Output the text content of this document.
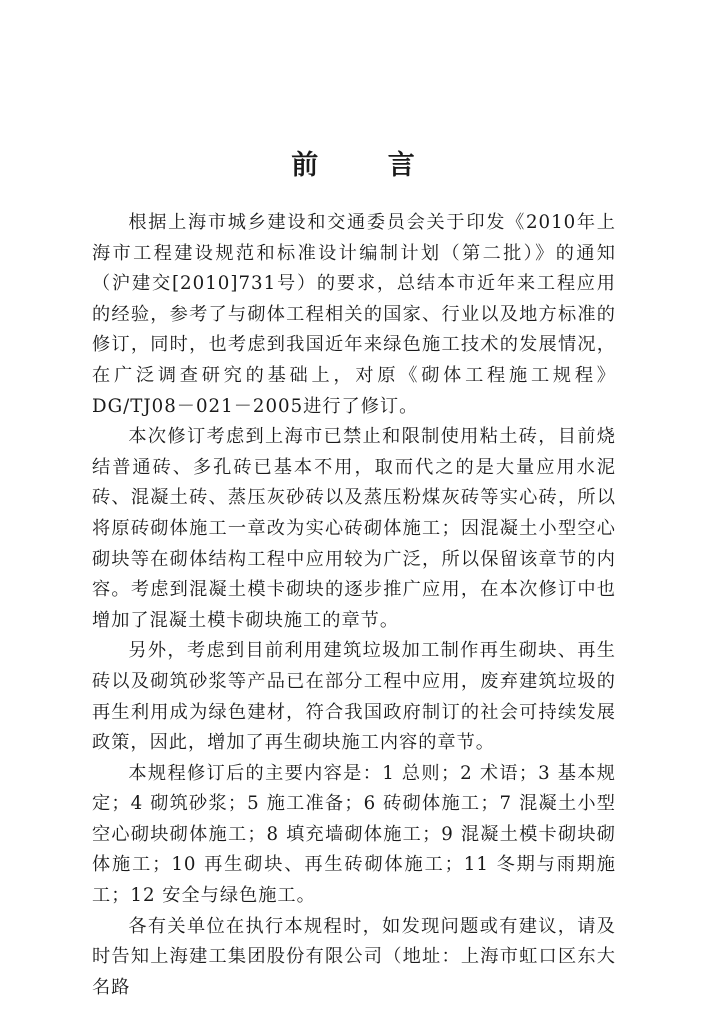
前 言

根据上海市城乡建设和交通委员会关于印发《2010年上海市工程建设规范和标准设计编制计划（第二批）》的通知（沪建交[2010]731号）的要求，总结本市近年来工程应用的经验，参考了与砌体工程相关的国家、行业以及地方标准的修订，同时，也考虑到我国近年来绿色施工技术的发展情况，在广泛调查研究的基础上，对原《砌体工程施工规程》DG/TJ08－021－2005进行了修订。

本次修订考虑到上海市已禁止和限制使用粘土砖，目前烧结普通砖、多孔砖已基本不用，取而代之的是大量应用水泥砖、混凝土砖、蒸压灰砂砖以及蒸压粉煤灰砖等实心砖，所以将原砖砌体施工一章改为实心砖砌体施工；因混凝土小型空心砌块等在砌体结构工程中应用较为广泛，所以保留该章节的内容。考虑到混凝土模卡砌块的逐步推广应用，在本次修订中也增加了混凝土模卡砌块施工的章节。

另外，考虑到目前利用建筑垃圾加工制作再生砌块、再生砖以及砌筑砂浆等产品已在部分工程中应用，废弃建筑垃圾的再生利用成为绿色建材，符合我国政府制订的社会可持续发展政策，因此，增加了再生砌块施工内容的章节。

本规程修订后的主要内容是：1 总则；2 术语；3 基本规定；4 砌筑砂浆；5 施工准备；6 砖砌体施工；7 混凝土小型空心砌块砌体施工；8 填充墙砌体施工；9 混凝土模卡砌块砌体施工；10 再生砌块、再生砖砌体施工；11 冬期与雨期施工；12 安全与绿色施工。

各有关单位在执行本规程时，如发现问题或有建议，请及时告知上海建工集团股份有限公司（地址：上海市虹口区东大名路
